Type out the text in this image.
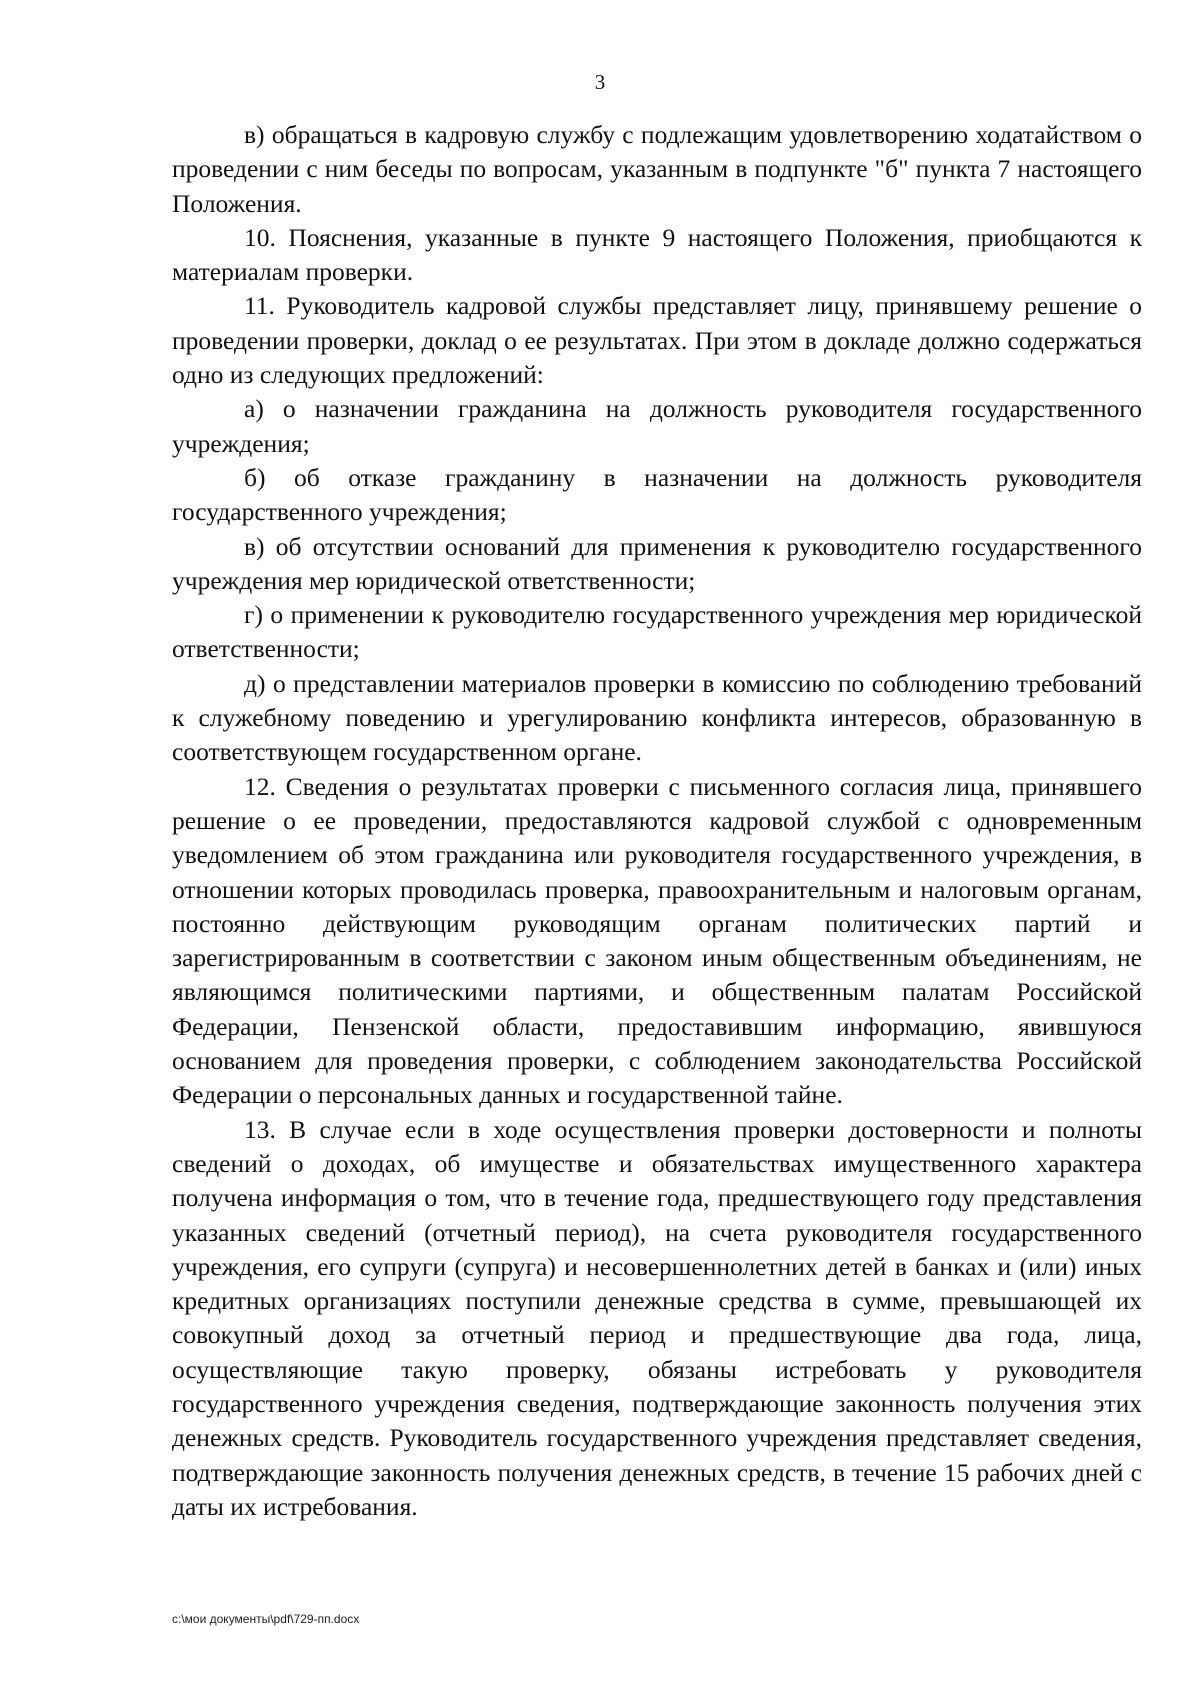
3

в) обращаться в кадровую службу с подлежащим удовлетворению ходатайством о проведении с ним беседы по вопросам, указанным в подпункте "б" пункта 7 настоящего Положения.

10. Пояснения, указанные в пункте 9 настоящего Положения, приобщаются к материалам проверки.

11. Руководитель кадровой службы представляет лицу, принявшему решение о проведении проверки, доклад о ее результатах. При этом в докладе должно содержаться одно из следующих предложений:

а) о назначении гражданина на должность руководителя государственного учреждения;

б) об отказе гражданину в назначении на должность руководителя государственного учреждения;

в) об отсутствии оснований для применения к руководителю государственного учреждения мер юридической ответственности;

г) о применении к руководителю государственного учреждения мер юридической ответственности;

д) о представлении материалов проверки в комиссию по соблюдению требований к служебному поведению и урегулированию конфликта интересов, образованную в соответствующем государственном органе.

12. Сведения о результатах проверки с письменного согласия лица, принявшего решение о ее проведении, предоставляются кадровой службой с одновременным уведомлением об этом гражданина или руководителя государственного учреждения, в отношении которых проводилась проверка, правоохранительным и налоговым органам, постоянно действующим руководящим органам политических партий и зарегистрированным в соответствии с законом иным общественным объединениям, не являющимся политическими партиями, и общественным палатам Российской Федерации, Пензенской области, предоставившим информацию, явившуюся основанием для проведения проверки, с соблюдением законодательства Российской Федерации о персональных данных и государственной тайне.

13. В случае если в ходе осуществления проверки достоверности и полноты сведений о доходах, об имуществе и обязательствах имущественного характера получена информация о том, что в течение года, предшествующего году представления указанных сведений (отчетный период), на счета руководителя государственного учреждения, его супруги (супруга) и несовершеннолетних детей в банках и (или) иных кредитных организациях поступили денежные средства в сумме, превышающей их совокупный доход за отчетный период и предшествующие два года, лица, осуществляющие такую проверку, обязаны истребовать у руководителя государственного учреждения сведения, подтверждающие законность получения этих денежных средств. Руководитель государственного учреждения представляет сведения, подтверждающие законность получения денежных средств, в течение 15 рабочих дней с даты их истребования.

c:\мои документы\pdf\729-пп.docx
